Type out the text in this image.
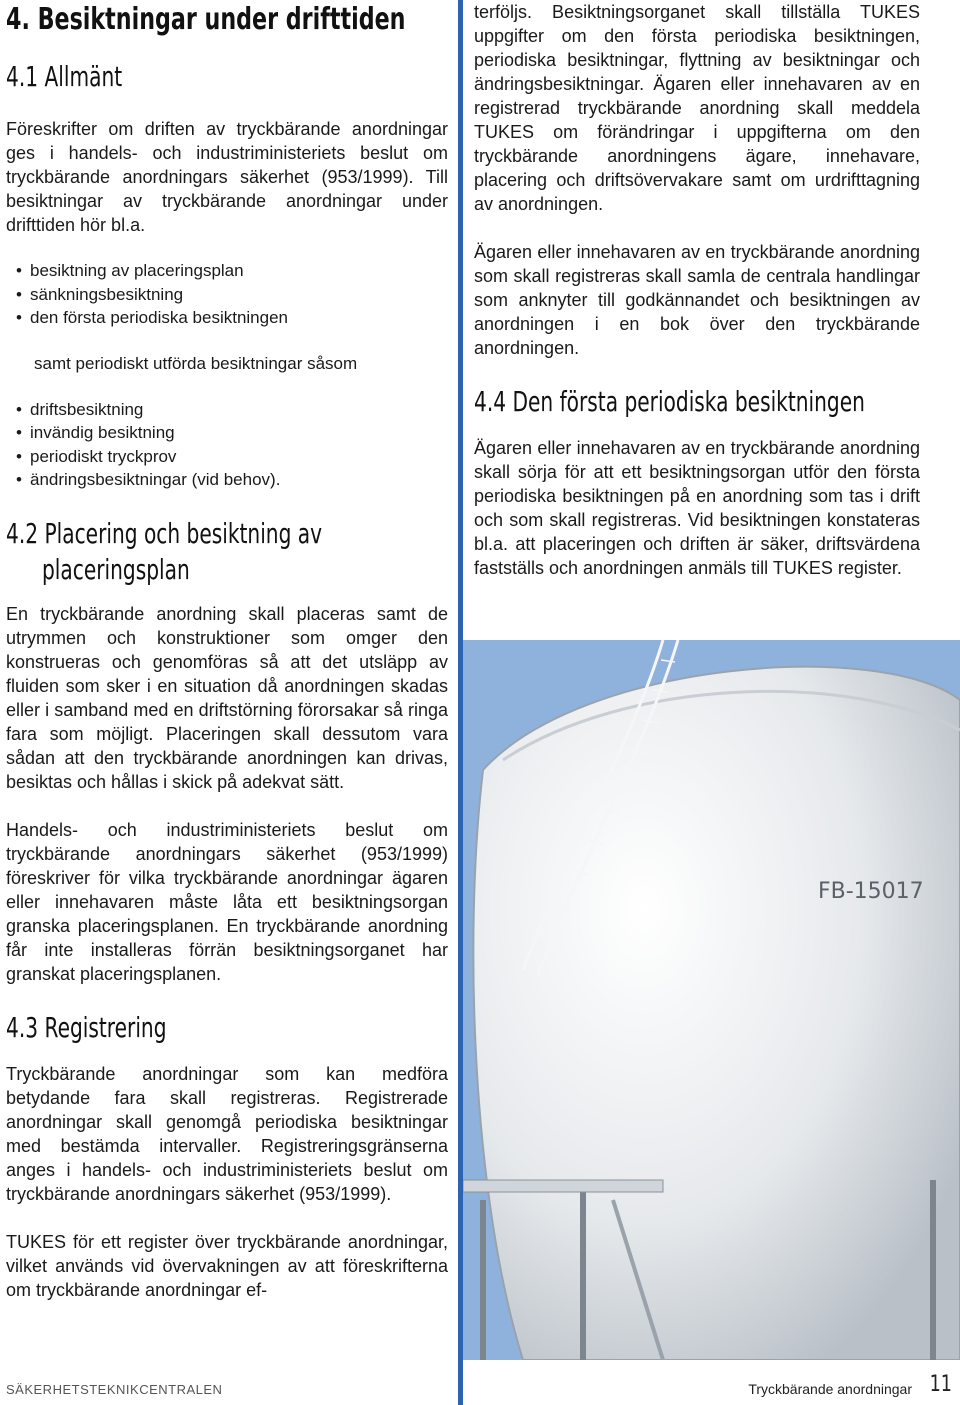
4. Besiktningar under drifttiden
4.1 Allmänt

Föreskrifter om driften av tryckbärande anordningar ges i handels- och industriministeriets beslut om tryckbärande anordningars säkerhet (953/1999). Till besiktningar av tryckbärande anordningar under drifttiden hör bl.a.

• besiktning av placeringsplan
• sänkningsbesiktning
• den första periodiska besiktningen

samt periodiskt utförda besiktningar såsom

• driftsbesiktning
• invändig besiktning
• periodiskt tryckprov
• ändringsbesiktningar (vid behov).
4.2 Placering och besiktning av
placeringsplan

En tryckbärande anordning skall placeras samt de utrymmen och konstruktioner som omger den konstrueras och genomföras så att det utsläpp av fluiden som sker i en situation då anordningen skadas eller i samband med en driftstörning förorsakar så ringa fara som möjligt. Placeringen skall dessutom vara sådan att den tryckbärande anordningen kan drivas, besiktas och hållas i skick på adekvat sätt.

Handels- och industriministeriets beslut om tryckbärande anordningars säkerhet (953/1999) föreskriver för vilka tryckbärande anordningar ägaren eller innehavaren måste låta ett besiktningsorgan granska placeringsplanen. En tryckbärande anordning får inte installeras förrän besiktningsorganet har granskat placeringsplanen.

4.3 Registrering

Tryckbärande anordningar som kan medföra betydande fara skall registreras. Registrerade anordningar skall genomgå periodiska besiktningar med bestämda intervaller. Registreringsgränserna anges i handels- och industriministeriets beslut om tryckbärande anordningars säkerhet (953/1999).

TUKES för ett register över tryckbärande anordningar, vilket används vid övervakningen av att föreskrifterna om tryckbärande anordningar ef-

terföljs. Besiktningsorganet skall tillställa TUKES uppgifter om den första periodiska besiktningen, periodiska besiktningar, flyttning av besiktningar och ändringsbesiktningar. Ägaren eller innehavaren av en registrerad tryckbärande anordning skall meddela TUKES om förändringar i uppgifterna om den tryckbärande anordningens ägare, innehavare, placering och driftsövervakare samt om urdrifttagning av anordningen.

Ägaren eller innehavaren av en tryckbärande anordning som skall registreras skall samla de centrala handlingar som anknyter till godkännandet och besiktningen av anordningen i en bok över den tryckbärande anordningen.

4.4 Den första periodiska besiktningen

Ägaren eller innehavaren av en tryckbärande anordning skall sörja för att ett besiktningsorgan utför den första periodiska besiktningen på en anordning som tas i drift och som skall registreras. Vid besiktningen konstateras bl.a. att placeringen och driften är säker, driftsvärdena fastställs och anordningen anmäls till TUKES register.

FB-15017
SÄKERHETSTEKNIKCENTRALEN	Tryckbärande anordningar 11
